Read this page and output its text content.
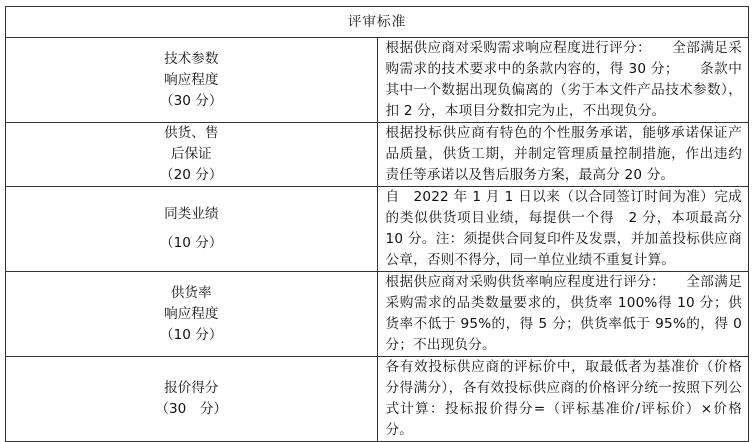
评审标准	

技术参数
响应程度
（30 分）	根据供应商对采购需求响应程度进行评分：　　全部满足采购需求的技术要求中的条款内容的，得 30 分；　　条款中其中一个数据出现负偏离的（劣于本文件产品技术参数），扣 2 分，本项目分数扣完为止，不出现负分。

供货、售
后保证
（20 分）	根据投标供应商有特色的个性服务承诺，能够承诺保证产品质量，供货工期，并制定管理质量控制措施，作出违约责任等承诺以及售后服务方案，最高分 20 分。

同类业绩
（10 分）	自　2022 年 1 月 1 日以来（以合同签订时间为准）完成的类似供货项目业绩，每提供一个得　2 分，本项最高分 10 分。注：须提供合同复印件及发票，并加盖投标供应商公章，否则不得分，同一单位业绩不重复计算。

供货率
响应程度
（10 分）	根据供应商对采购供货率响应程度进行评分：　　全部满足采购需求的品类数量要求的，供货率 100%得 10 分；供货率不低于 95%的，得 5 分；供货率低于 95%的，得 0 分；不出现负分。

报价得分
（30　分）	各有效投标供应商的评标价中，取最低者为基准价（价格分得满分），各有效投标供应商的价格评分统一按照下列公式计算：投标报价得分=（评标基准价/评标价）×价格分。
